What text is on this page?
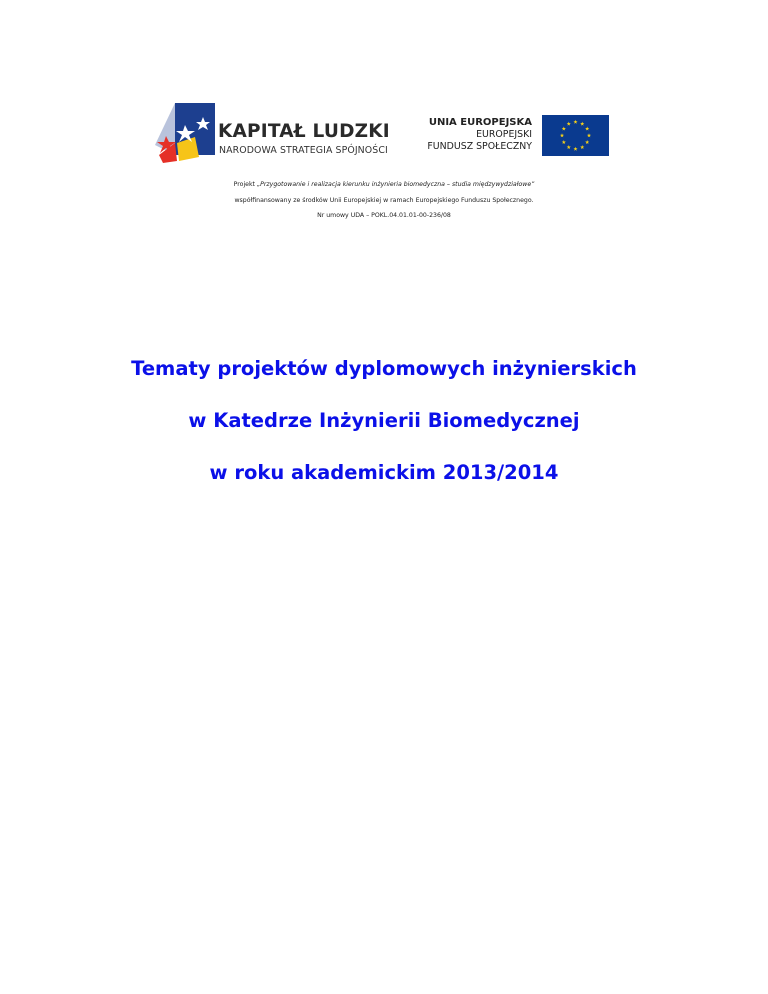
KAPITAŁ LUDZKI
NARODOWA STRATEGIA SPÓJNOŚCI
UNIA EUROPEJSKA
EUROPEJSKI
FUNDUSZ SPOŁECZNY
Projekt „Przygotowanie i realizacja kierunku inżynieria biomedyczna – studia międzywydziałowe”
współfinansowany ze środków Unii Europejskiej w ramach Europejskiego Funduszu Społecznego.
Nr umowy UDA – POKL.04.01.01-00-236/08
Tematy projektów dyplomowych inżynierskich
w Katedrze Inżynierii Biomedycznej
w roku akademickim 2013/2014
